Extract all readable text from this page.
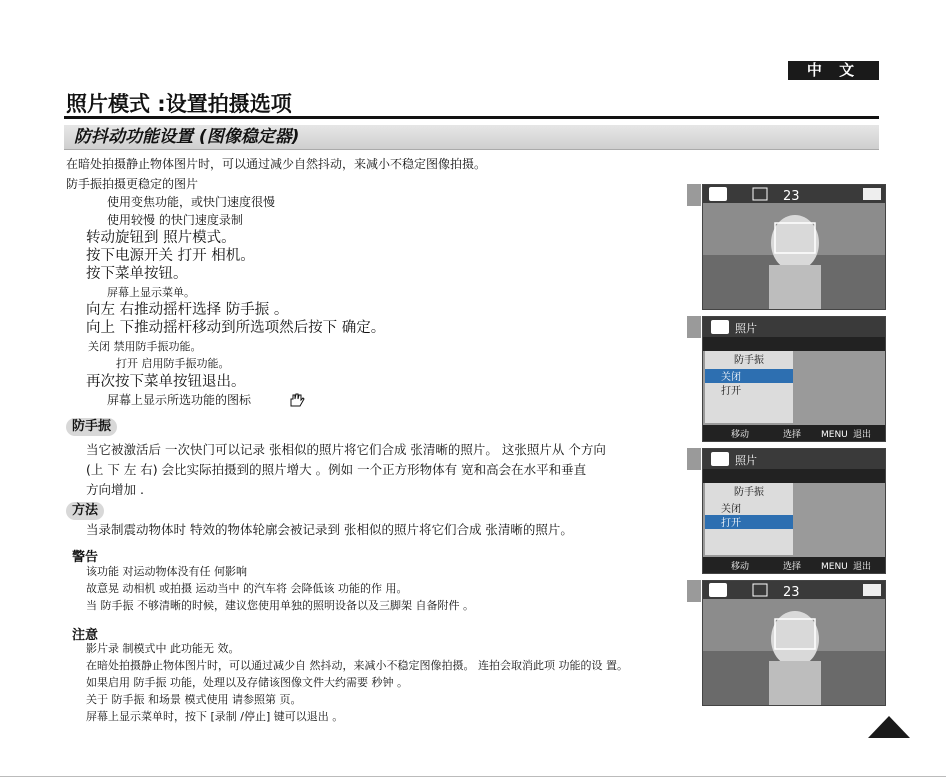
中 文
照片模式 :设置拍摄选项
防抖动功能设置 (图像稳定器)
在暗处拍摄静止物体图片时，可以通过减少自然抖动，来减小不稳定图像拍摄。
防手振拍摄更稳定的图片
使用变焦功能，或快门速度很慢
使用较慢 的快门速度录制
转动旋钮到 照片模式。
按下电源开关 打开 相机。
按下菜单按钮。
屏幕上显示菜单。
向左 右推动摇杆选择 防手振 。
向上 下推动摇杆移动到所选项然后按下 确定。
关闭 禁用防手振功能。
打开 启用防手振功能。
再次按下菜单按钮退出。
屏幕上显示所选功能的图标
防手振
当它被激活后 一次快门可以记录 张相似的照片将它们合成 张清晰的照片。 这张照片从 个方向
(上 下 左 右) 会比实际拍摄到的照片增大 。例如 一个正方形物体有 宽和高会在水平和垂直
方向增加 .
方法
当录制震动物体时 特效的物体轮廓会被记录到 张相似的照片将它们合成 张清晰的照片。
警告
该功能 对运动物体没有任 何影响
故意晃 动相机 或拍摄 运动当中 的汽车将 会降低该 功能的作 用。
当 防手振 不够清晰的时候，建议您使用单独的照明设备以及三脚架 自备附件 。
注意
影片录 制模式中 此功能无 效。
在暗处拍摄静止物体图片时，可以通过减少自 然抖动，来减小不稳定图像拍摄。 连拍会取消此项 功能的设 置。
如果启用 防手振 功能，处理以及存储该图像文件大约需要 秒钟 。
关于 防手振 和场景 模式使用 请参照第 页。
屏幕上显示菜单时，按下 [录制 /停止] 键可以退出 。
23
照片
防手振
关闭
打开
移动	选择 MENU 退出
照片
防手振
关闭
打开
移动	选择 MENU 退出
23
